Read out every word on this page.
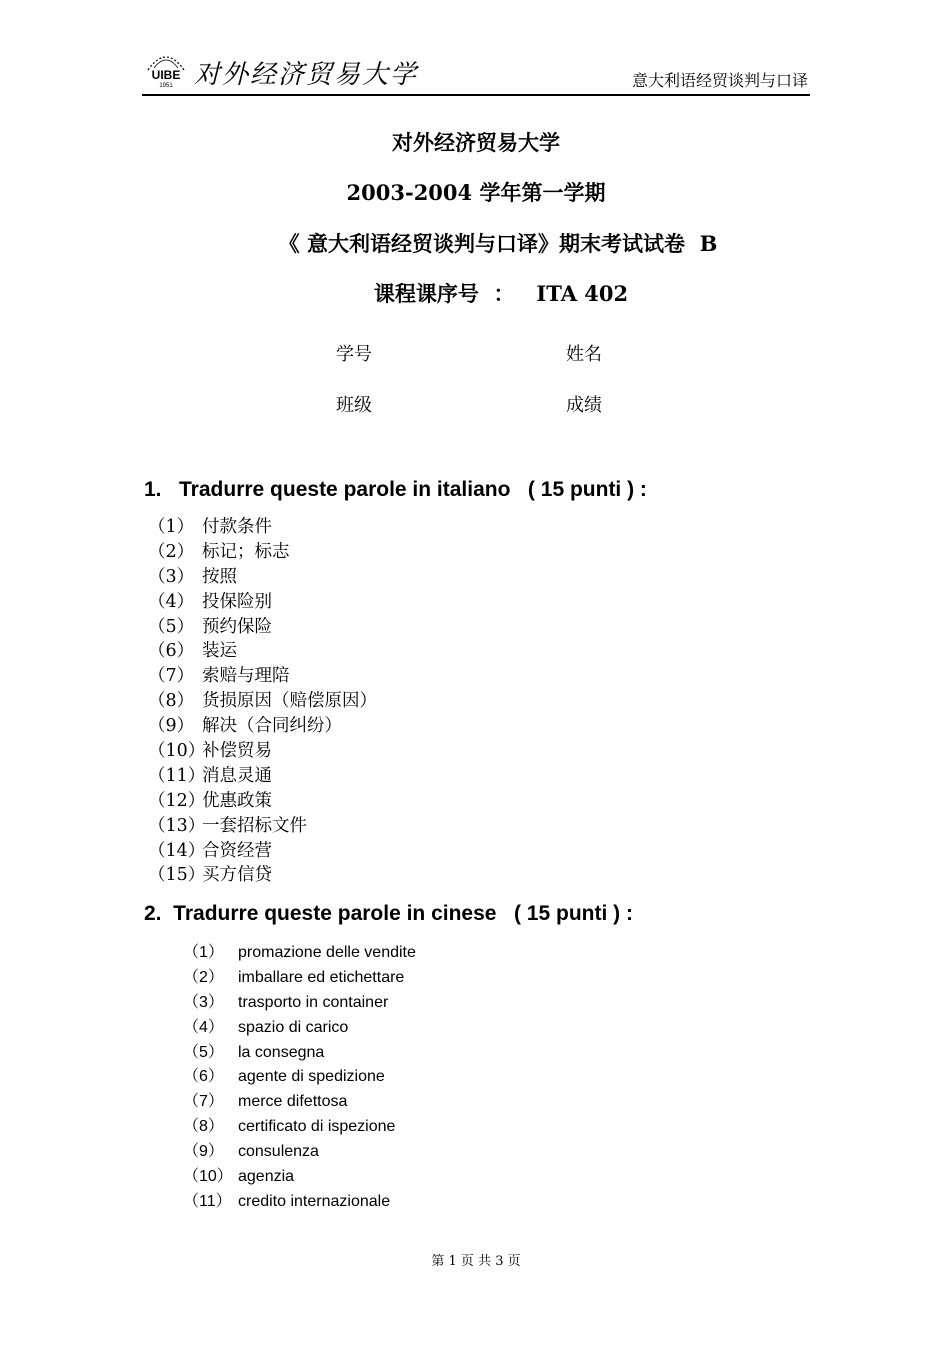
UIBE
1951 对外经济贸易大学	意大利语经贸谈判与口译
对外经济贸易大学
2003-2004 学年第一学期
《 意大利语经贸谈判与口译》期末考试试卷  B
课程课序号  ：   ITA 402
学号	姓名
班级	成绩
1.   Tradurre queste parole in italiano   ( 15 punti ) :
（1） 付款条件
（2） 标记；标志
（3） 按照
（4） 投保险别
（5） 预约保险
（6） 装运
（7） 索赔与理陪
（8） 货损原因（赔偿原因）
（9） 解决（合同纠纷）
（10）补偿贸易
（11）消息灵通
（12）优惠政策
（13）一套招标文件
（14）合资经营
（15）买方信贷
2.  Tradurre queste parole in cinese   ( 15 punti ) :
（1） promazione delle vendite
（2） imballare ed etichettare
（3） trasporto in container
（4） spazio di carico
（5） la consegna
（6） agente di spedizione
（7） merce difettosa
（8） certificato di ispezione
（9） consulenza
（10） agenzia
（11） credito internazionale
第 1 页 共 3 页
